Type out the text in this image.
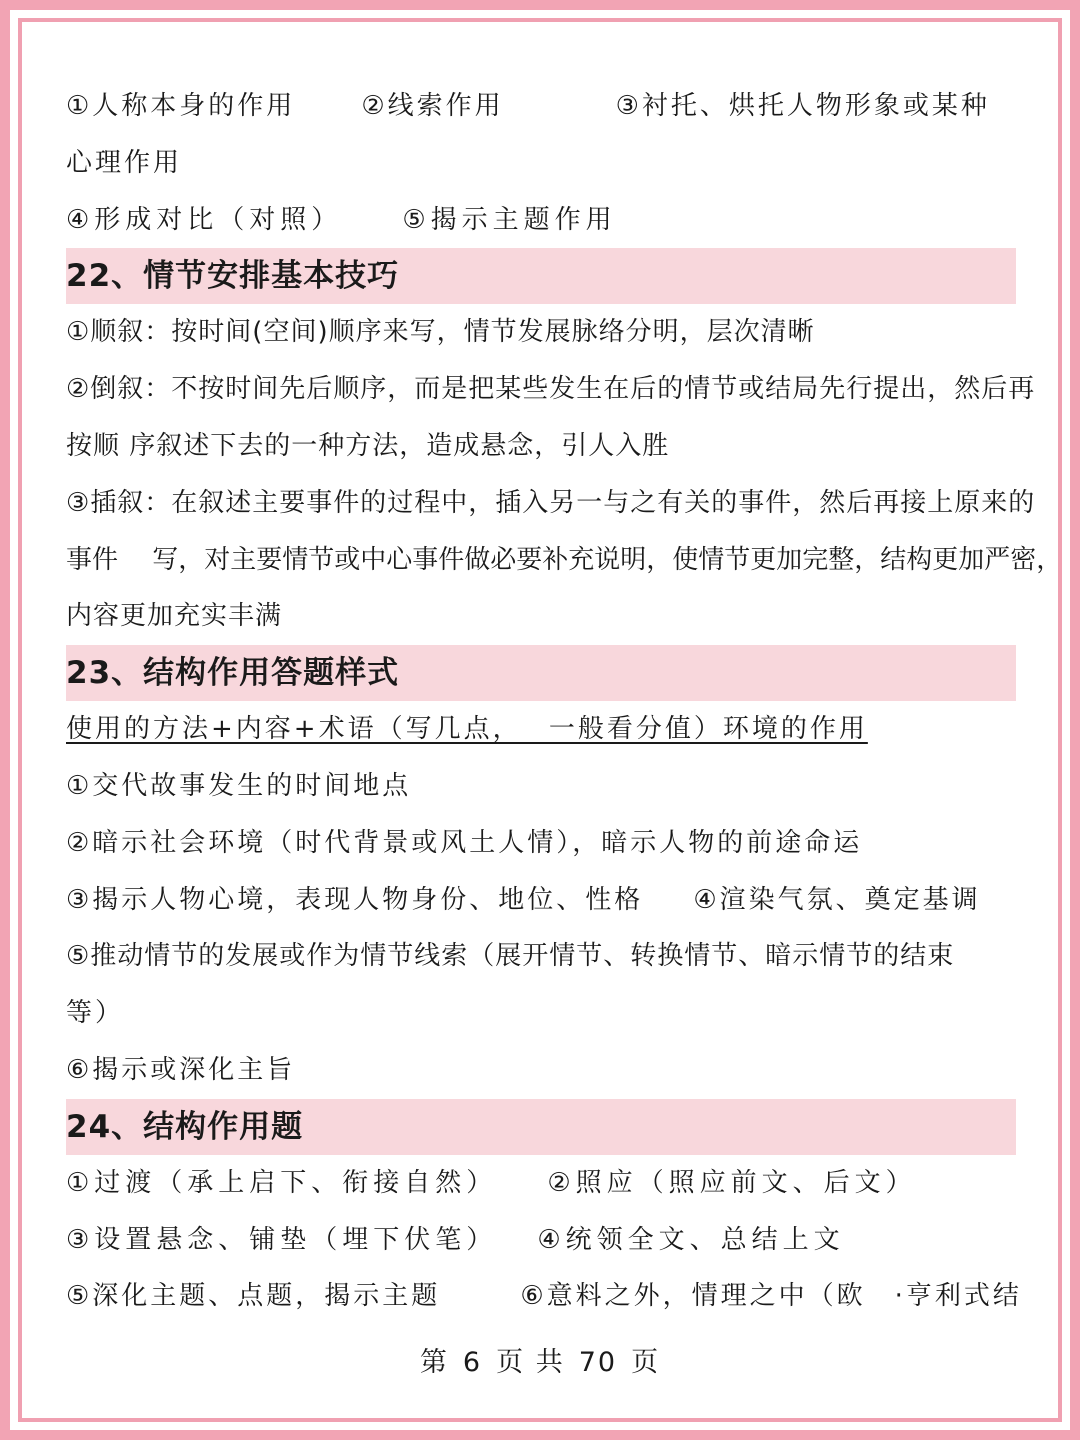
①人称本身的作用	②线索作用	③衬托、烘托人物形象或某种
心理作用
④形成对比（对照） ⑤揭示主题作用
22、情节安排基本技巧
①顺叙：按时间(空间)顺序来写，情节发展脉络分明，层次清晰
②倒叙：不按时间先后顺序，而是把某些发生在后的情节或结局先行提出，然后再
按顺 序叙述下去的一种方法，造成悬念，引人入胜
③插叙：在叙述主要事件的过程中，插入另一与之有关的事件，然后再接上原来的
事件　 写，对主要情节或中心事件做必要补充说明，使情节更加完整，结构更加严密，
内容更加充实丰满
23、结构作用答题样式
使用的方法+内容+术语（写几点，　 一般看分值）环境的作用
①交代故事发生的时间地点
②暗示社会环境（时代背景或风土人情），暗示人物的前途命运
③揭示人物心境，表现人物身份、地位、性格 ④渲染气氛、奠定基调
⑤推动情节的发展或作为情节线索（展开情节、转换情节、暗示情节的结束
等）
⑥揭示或深化主旨
24、结构作用题
①过渡（承上启下、衔接自然） ②照应（照应前文、后文）
③设置悬念、铺垫（埋下伏笔） ④统领全文、总结上文
⑤深化主题、点题，揭示主题	⑥意料之外，情理之中（欧　·亨利式结
第 6 页 共 70 页
